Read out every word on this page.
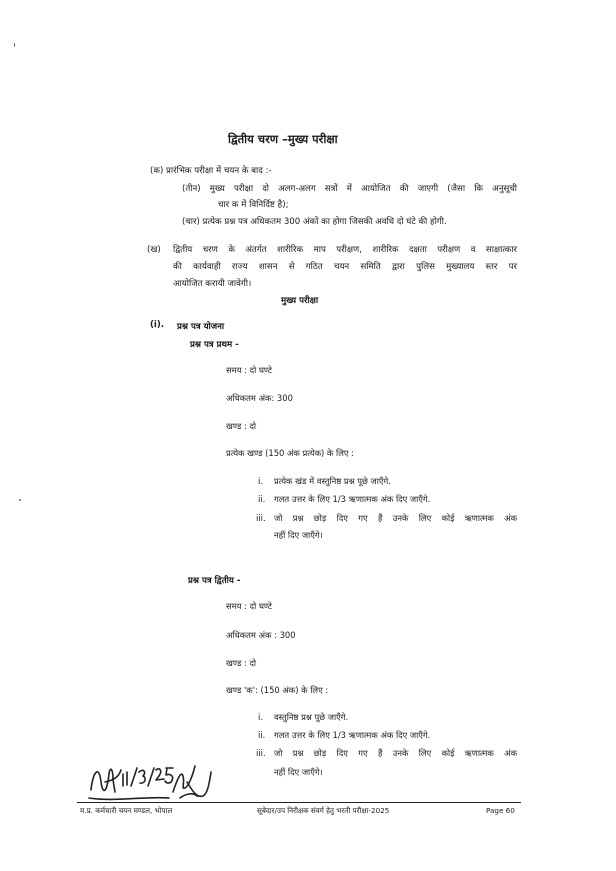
द्वितीय चरण –मुख्य परीक्षा
(क) प्रारंभिक परीक्षा में चयन के बाद :-
(तीन) मुख्य परीक्षा दो अलग-अलग सत्रों में आयोजित की जाएगी (जैसा कि अनुसूची
चार क में विनिर्दिष्ट है);
(चार) प्रत्येक प्रश्न पत्र अधिकतम 300 अंकों का होगा जिसकी अवधि दो घंटे की होगी.
(ख) द्वितीय चरण के अंतर्गत शारीरिक माप परीक्षण, शारीरिक दक्षता परीक्षण व साक्षात्कार
की कार्यवाही राज्य शासन से गठित चयन समिति द्वारा पुलिस मुख्यालय स्तर पर
आयोजित करायी जावेगी।
मुख्य परीक्षा
(i). प्रश्न पत्र योजना
प्रश्न पत्र प्रथम -
समय : दो घण्टे
अधिकतम अंक: 300
खण्ड : दो
प्रत्येक खण्ड (150 अंक प्रत्येक) के लिए :
i. प्रत्येक खंड में वस्तुनिष्ठ प्रश्न पूछे जाएँगे.
ii. गलत उत्तर के लिए 1/3 ऋणात्मक अंक दिए जाएँगे.
iii. जो प्रश्न छोड़ दिए गए हैं उनके लिए कोई ऋणात्मक अंक
नहीं दिए जाएँगे।
प्रश्न पत्र द्वितीय -
समय : दो घण्टे
अधिकतम अंक : 300
खण्ड : दो
खण्ड 'क': (150 अंक) के लिए :
i. वस्तुनिष्ठ प्रश्न पूछे जाएँगे.
ii. गलत उत्तर के लिए 1/3 ऋणात्मक अंक दिए जाएँगे.
iii. जो प्रश्न छोड़ दिए गए हैं उनके लिए कोई ऋणात्मक अंक
नहीं दिए जाएँगे।
म.प्र. कर्मचारी चयन मण्डल, भोपाल	सूबेदार/उप निरीक्षक संवर्ग हेतु भरती परीक्षा-2025	Page 60
